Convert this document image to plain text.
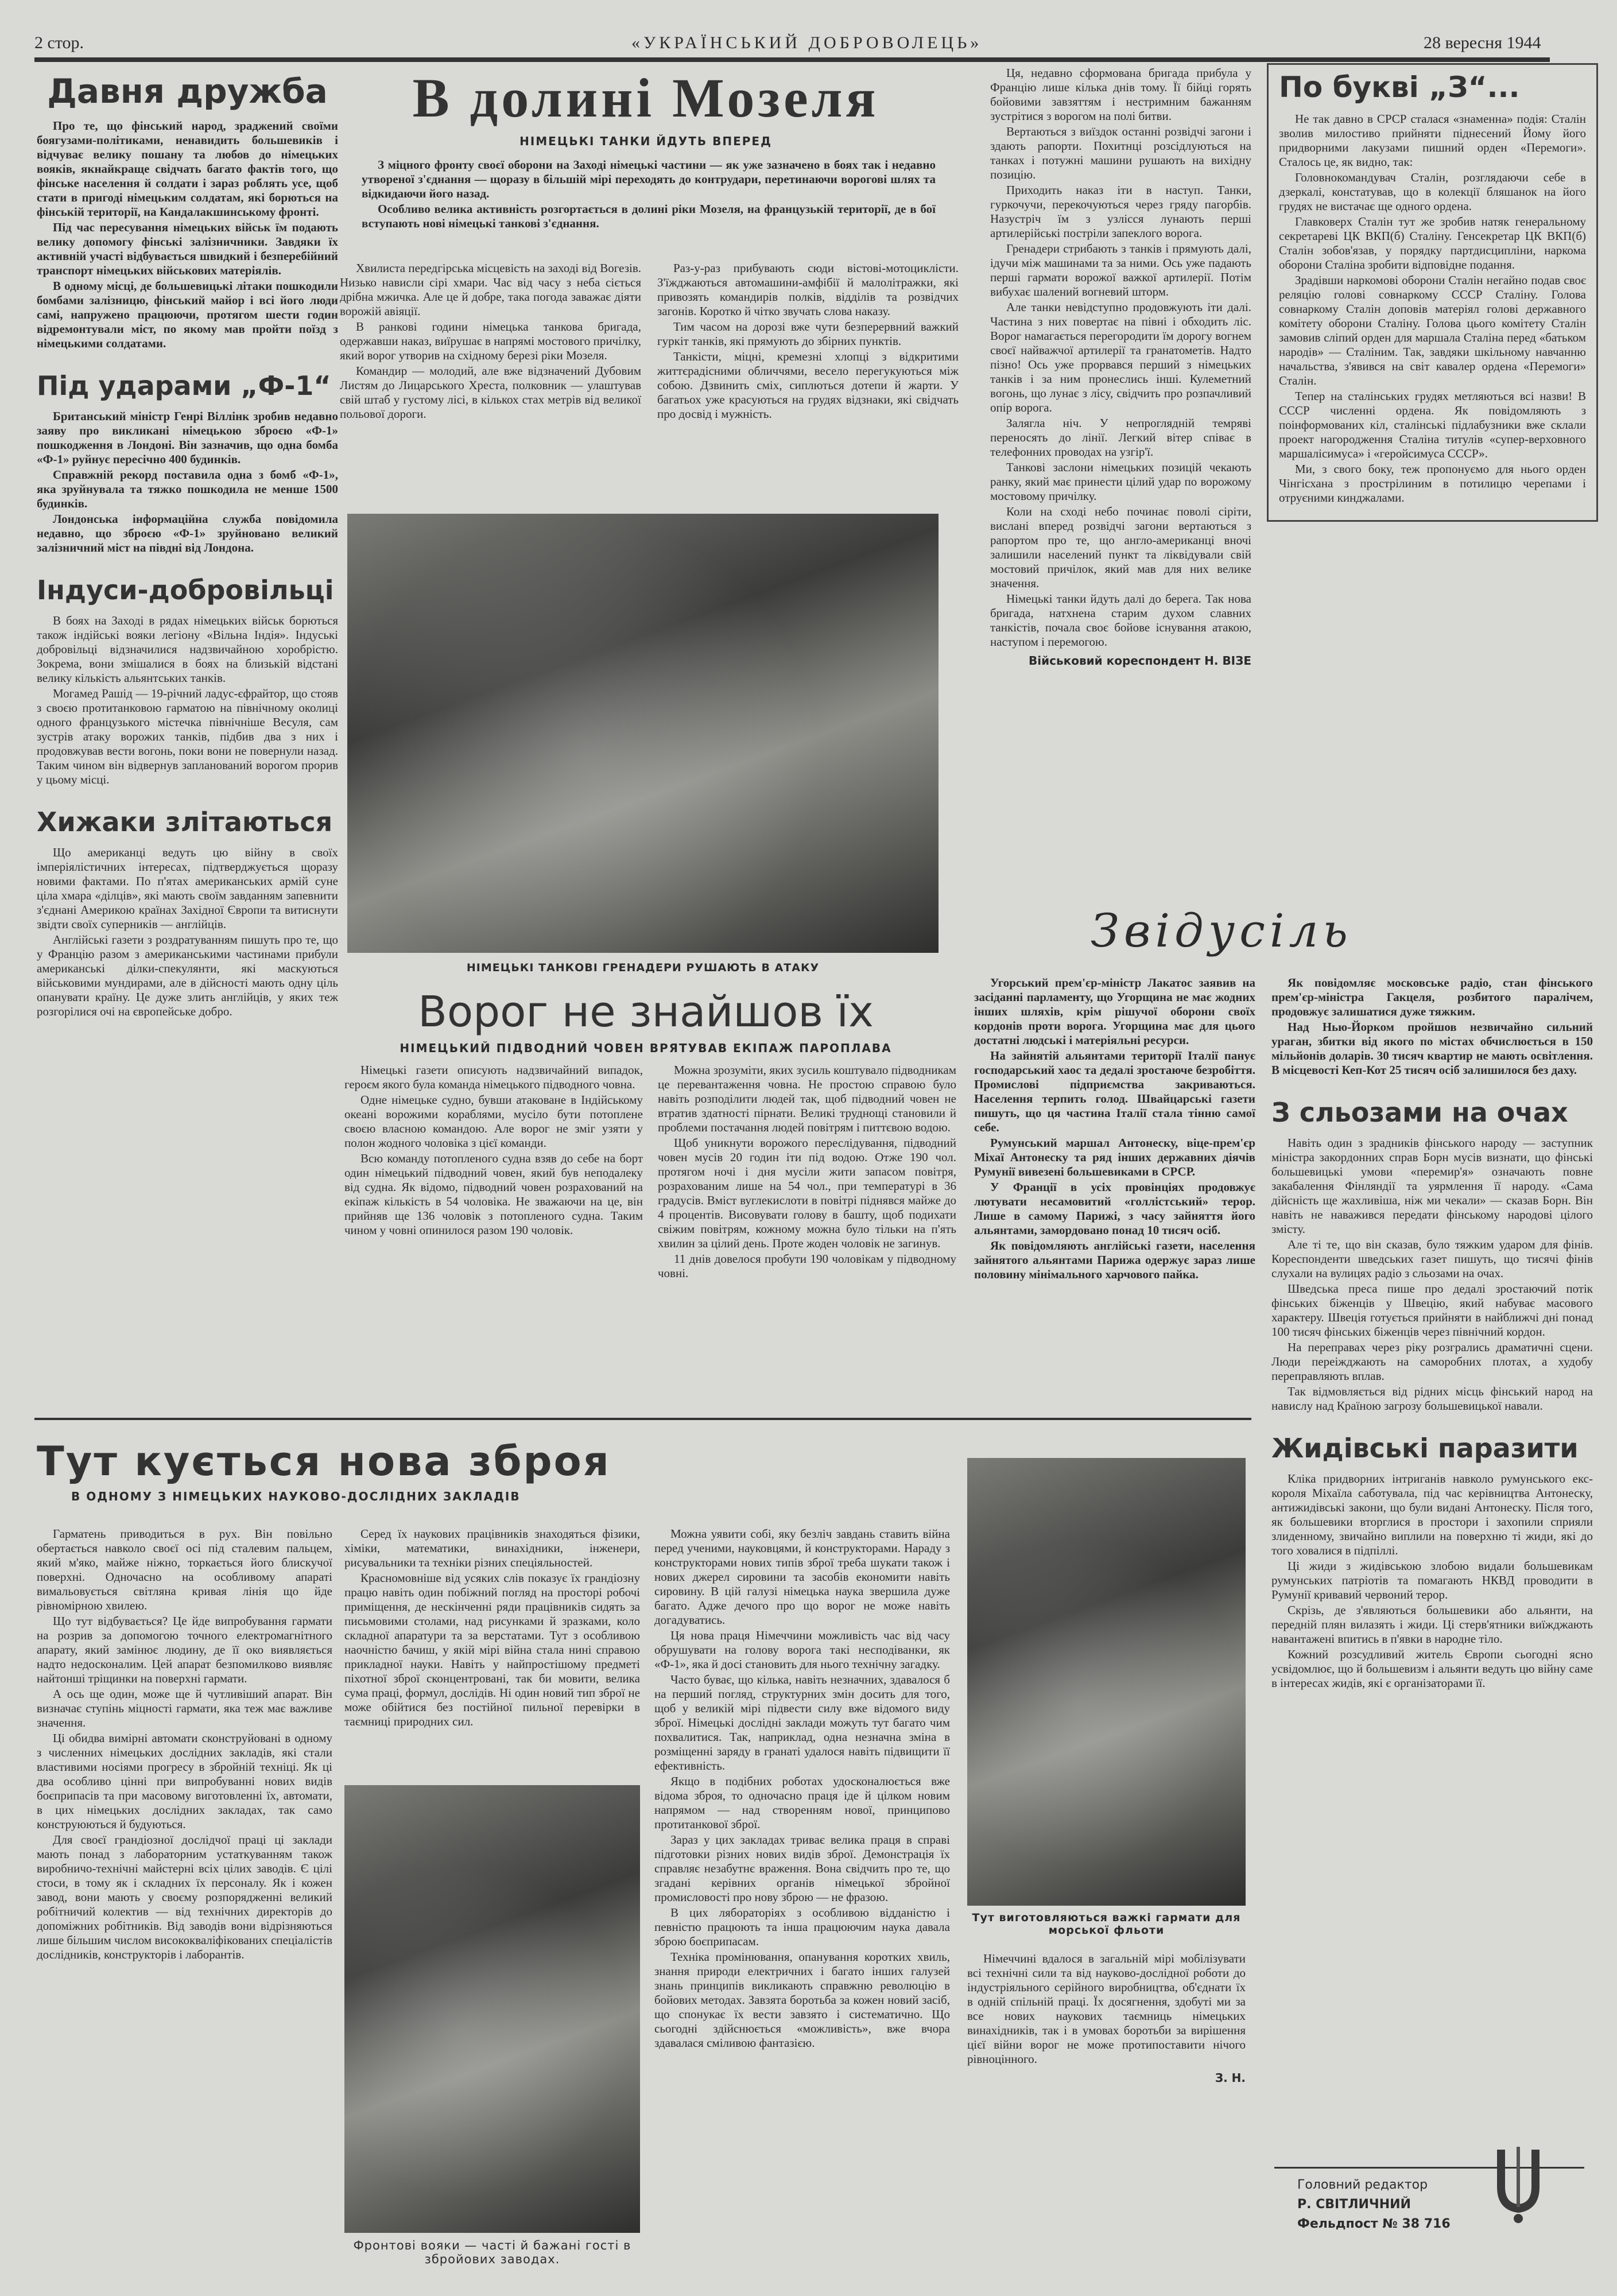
2 стор.	«УКРАЇНСЬКИЙ ДОБРОВОЛЕЦЬ»	28 вересня 1944
Давня дружба

Про те, що фінський народ, зраджений своїми боягузами-політиками, ненавидить большевиків і відчуває велику пошану та любов до німецьких вояків, якнайкраще свідчать багато фактів того, що фінське населення й солдати і зараз роблять усе, щоб стати в пригоді німецьким солдатам, які борються на фінській території, на Кандалакшинському фронті.

Під час пересування німецьких військ їм подають велику допомогу фінські залізничники. Завдяки їх активній участі відбувається швидкий і безперебійний транспорт німецьких військових матеріялів.

В одному місці, де большевицькі літаки пошкодили бомбами залізницю, фінський майор і всі його люди самі, напружено працюючи, протягом шести годин відремонтували міст, по якому мав пройти поїзд з німецькими солдатами.

Під ударами „Ф-1“

Британський міністр Генрі Віллінк зробив недавно заяву про викликані німецькою зброєю «Ф-1» пошкодження в Лондоні. Він зазначив, що одна бомба «Ф-1» руйнує пересічно 400 будинків.

Справжній рекорд поставила одна з бомб «Ф-1», яка зруйнувала та тяжко пошкодила не менше 1500 будинків.

Лондонська інформаційна служба повідомила недавно, що зброєю «Ф-1» зруйновано великий залізничний міст на півдні від Лондона.

Індуси-добровільці

В боях на Заході в рядах німецьких військ борються також індійські вояки легіону «Вільна Індія». Індуські добровільці відзначилися надзвичайною хоробрістю. Зокрема, вони змішалися в боях на близькій відстані велику кількість альянтських танків.

Могамед Рашід — 19-річний ладус-єфрайтор, що стояв з своєю протитанковою гарматою на північному околиці одного французького містечка північніше Весуля, сам зустрів атаку ворожих танків, підбив два з них і продовжував вести вогонь, поки вони не повернули назад. Таким чином він відвернув запланований ворогом прорив у цьому місці.

Хижаки злітаються

Що американці ведуть цю війну в своїх імперіялістичних інтересах, підтверджується щоразу новими фактами. По п'ятах американських армій суне ціла хмара «ділців», які мають своїм завданням запевнити з'єднані Америкою країнах Західної Європи та витиснути звідти своїх суперників — англійців.

Англійські газети з роздратуванням пишуть про те, що у Францію разом з американськими частинами прибули американські ділки-спекулянти, які маскуються військовими мундирами, але в дійсності мають одну ціль опанувати країну. Це дуже злить англійців, у яких теж розгорілися очі на європейське добро.

В долині Мозеля
НІМЕЦЬКІ ТАНКИ ЙДУТЬ ВПЕРЕД

З міцного фронту своєї оборони на Заході німецькі частини — як уже зазначено в боях так і недавно утвореної з'єднання — щоразу в більшій мірі переходять до контрудари, перетинаючи ворогові шлях та відкидаючи його назад.

Особливо велика активність розгортається в долині ріки Мозеля, на французькій території, де в бої вступають нові німецькі танкові з'єднання.

Хвилиста передгірська місцевість на заході від Вогезів. Низько нависли сірі хмари. Час від часу з неба сіється дрібна мжичка. Але це й добре, така погода заважає діяти ворожій авіяції.

В ранкові години німецька танкова бригада, одержавши наказ, виїрушає в напрямі мостового причілку, який ворог утворив на східному березі ріки Мозеля.

Командир — молодий, але вже відзначений Дубовим Листям до Лицарського Хреста, полковник — улаштував свій штаб у густому лісі, в кількох стах метрів від великої польової дороги.

Раз-у-раз прибувають сюди вістові-мотоциклісти. З'їжджаються автомашини-амфібії й малолітражки, які привозять командирів полків, відділів та розвідчих загонів. Коротко й чітко звучать слова наказу.

Тим часом на дорозі вже чути безперервний важкий гуркіт танків, які прямують до збірних пунктів.

Танкісти, міцні, кремезні хлопці з відкритими життєрадісними обличчями, весело перегукуються між собою. Дзвинить сміх, сиплються дотепи й жарти. У багатьох уже красуються на грудях відзнаки, які свідчать про досвід і мужність.

НІМЕЦЬКІ ТАНКОВІ ГРЕНАДЕРИ РУШАЮТЬ В АТАКУ

Ця, недавно сформована бригада прибула у Францію лише кілька днів тому. Її бійці горять бойовими завзяттям і нестримним бажанням зустрітися з ворогом на полі битви.

Вертаються з виїздок останні розвідчі загони і здають рапорти. Похитнці розсідлуються на танках і потужні машини рушають на вихідну позицію.

Приходить наказ іти в наступ. Танки, гуркочучи, перекочуються через гряду пагорбів. Назустріч їм з узлісся лунають перші артилерійські постріли запеклого ворога.

Гренадери стрибають з танків і прямують далі, ідучи між машинами та за ними. Ось уже падають перші гармати ворожої важкої артилерії. Потім вибухає шалений вогневий шторм.

Але танки невідступно продовжують іти далі. Частина з них повертає на півні і обходить ліс. Ворог намагається перегородити їм дорогу вогнем своєї найважчої артилерії та гранатометів. Надто пізно! Ось уже прорвався перший з німецьких танків і за ним пронеслись інші. Кулеметний вогонь, що лунає з лісу, свідчить про розпачливий опір ворога.

Залягла ніч. У непроглядній темряві переносять до лінії. Легкий вітер співає в телефонних проводах на узгір'ї.

Танкові заслони німецьких позицій чекають ранку, який має принести цілий удар по ворожому мостовому причілку.

Коли на сході небо починає поволі сіріти, вислані вперед розвідчі загони вертаються з рапортом про те, що англо-американці вночі залишили населений пункт та ліквідували свій мостовий причілок, який мав для них велике значення.

Німецькі танки йдуть далі до берега. Так нова бригада, натхнена старим духом славних танкістів, почала своє бойове існування атакою, наступом і перемогою.

Військовий кореспондент Н. ВІЗЕ
По букві „З“...

Не так давно в СРСР сталася «знаменна» подія: Сталін зволив милостиво прийняти піднесений Йому його придворними лакузами пишний орден «Перемоги». Сталось це, як видно, так:

Головнокомандувач Сталін, розглядаючи себе в дзеркалі, констатував, що в колекції бляшанок на його грудях не вистачає ще одного ордена.

Главковерх Сталін тут же зробив натяк генеральному секретареві ЦК ВКП(б) Сталіну. Генсекретар ЦК ВКП(б) Сталін зобов'язав, у порядку партдисципліни, наркома оборони Сталіна зробити відповідне подання.

Зрадівши наркомові оборони Сталін негайно подав своє реляцію голові совнаркому СССР Сталіну. Голова совнаркому Сталін доповів матеріял голові державного комітету оборони Сталіну. Голова цього комітету Сталін замовив сліпий орден для маршала Сталіна перед «батьком народів» — Сталіним. Так, завдяки шкільному навчанню начальства, з'явився на світ кавалер ордена «Перемоги» Сталін.

Тепер на сталінських грудях метляються всі назви! В СССР численні ордена. Як повідомляють з поінформованих кіл, сталінські підлабузники вже склали проект нагородження Сталіна титулів «супер-верховного маршалісимуса» і «геройсимуса СССР».

Ми, з свого боку, теж пропонуємо для нього орден Чінгісхана з прострілиним в потилицю черепами і отруєними кинджалами.

Ворог не знайшов їх
НІМЕЦЬКИЙ ПІДВОДНИЙ ЧОВЕН ВРЯТУВАВ ЕКІПАЖ ПАРОПЛАВА

Німецькі газети описують надзвичайний випадок, героєм якого була команда німецького підводного човна.

Одне німецьке судно, бувши атаковане в Індійському океані ворожими кораблями, мусіло бути потоплене своєю власною командою. Але ворог не зміг узяти у полон жодного чоловіка з цієї команди.

Всю команду потопленого судна взяв до себе на борт один німецький підводний човен, який був неподалеку від судна. Як відомо, підводний човен розрахований на екіпаж кількість в 54 чоловіка. Не зважаючи на це, він прийняв ще 136 чоловік з потопленого судна. Таким чином у човні опинилося разом 190 чоловік.

Можна зрозуміти, яких зусиль коштувало підводникам це перевантаження човна. Не простою справою було навіть розподілити людей так, щоб підводний човен не втратив здатності пірнати. Великі труднощі становили й проблеми постачання людей повітрям і питтєвою водою.

Щоб уникнути ворожого переслідування, підводний човен мусів 20 годин іти під водою. Отже 190 чол. протягом ночі і дня мусіли жити запасом повітря, розрахованим лише на 54 чол., при температурі в 36 градусів. Вміст вуглекислоти в повітрі піднявся майже до 4 процентів. Висовувати голову в башту, щоб подихати свіжим повітрям, кожному можна було тільки на п'ять хвилин за цілий день. Проте жоден чоловік не загинув.

11 днів довелося пробути 190 чоловікам у підводному човні.

Звідусіль

Угорський прем'єр-міністр Лакатос заявив на засіданні парламенту, що Угорщина не має жодних інших шляхів, крім рішучої оборони своїх кордонів проти ворога. Угорщина має для цього достатні людські і матеріяльні ресурси.

На зайнятій альянтами території Італії панує господарський хаос та дедалі зростаюче безробіття. Промислові підприємства закриваються. Населення терпить голод. Швайцарські газети пишуть, що ця частина Італії стала тінню самої себе.

Румунський маршал Антонеску, віце-прем'єр Міхаї Антонеску та ряд інших державних діячів Румунії вивезені большевиками в СРСР.

У Франції в усіх провінціях продовжує лютувати несамовитий «голлістський» терор. Лише в самому Парижі, з часу зайняття його альянтами, замордовано понад 10 тисяч осіб.

Як повідомляють англійські газети, населення зайнятого альянтами Парижа одержує зараз лише половину мінімального харчового пайка.

Як повідомляє московське радіо, стан фінського прем'єр-міністра Гакцеля, розбитого паралічем, продовжує залишатися дуже тяжким.

Над Нью-Йорком пройшов незвичайно сильний ураган, збитки від якого по містах обчислюється в 150 мільйонів доларів. 30 тисяч квартир не мають освітлення. В місцевості Кеп-Кот 25 тисяч осіб залишилося без даху.

З сльозами на очах

Навіть один з зрадників фінського народу — заступник міністра закордонних справ Борн мусів визнати, що фінські большевицькі умови «перемир'я» означають повне закабалення Фінляндії та уярмлення її народу. «Сама дійсність ще жахливіша, ніж ми чекали» — сказав Борн. Він навіть не наважився передати фінському народові цілого змісту.

Але ті те, що він сказав, було тяжким ударом для фінів. Кореспонденти шведських газет пишуть, що тисячі фінів слухали на вулицях радіо з сльозами на очах.

Шведська преса пише про дедалі зростаючий потік фінських біженців у Швецію, який набуває масового характеру. Швеція готується прийняти в найближчі дні понад 100 тисяч фінських біженців через північний кордон.

На переправах через ріку розгрались драматичні сцени. Люди переіжджають на саморобних плотах, а худобу переправляють вплав.

Так відмовляється від рідних місць фінський народ на навислу над Країною загрозу большевицької навали.

Жидівські паразити

Кліка придворних інтриганів навколо румунського екс-короля Міхаїла саботувала, під час керівництва Антонеску, антижидівські закони, що були видані Антонеску. Після того, як большевики вторглися в простори і захопили сприяли злиденному, звичайно виплили на поверхню ті жиди, які до того ховалися в підпіллі.

Ці жиди з жидівською злобою видали большевикам румунських патріотів та помагають НКВД проводити в Румунії кривавий червоний терор.

Скрізь, де з'являються большевики або альянти, на передній плян вилазять і жиди. Ці стерв'ятники виїжджають навантажені впитись в п'явки в народне тіло.

Кожний розсудливий житель Європи сьогодні ясно усвідомлює, що й большевизм і альянти ведуть цю війну саме в інтересах жидів, які є організаторами її.

Тут кується нова зброя
В ОДНОМУ З НІМЕЦЬКИХ НАУКОВО-ДОСЛІДНИХ ЗАКЛАДІВ

Гарматень приводиться в рух. Він повільно обертається навколо своєї осі під сталевим пальцем, який м'яко, майже ніжно, торкається його блискучої поверхні. Одночасно на особливому апараті вимальовується світляна кривая лінія що йде рівномірною хвилею.

Що тут відбувається? Це йде випробування гармати на розрив за допомогою точного електромагнітного апарату, який замінює людину, де її око виявляється надто недосконалим. Цей апарат безпомилково виявляє найтонші тріщинки на поверхні гармати.

А ось ще один, може ще й чутливіший апарат. Він визначає ступінь міцності гармати, яка теж має важливе значення.

Ці обидва вимірні автомати сконструйовані в одному з численних німецьких дослідних закладів, які стали властивими носіями прогресу в збройній техніці. Як ці два особливо цінні при випробуванні нових видів боєприпасів та при масовому виготовленні їх, автомати, в цих німецьких дослідних закладах, так само конструюються й будуються.

Для своєї грандіозної дослідчої праці ці заклади мають понад з лабораторним устаткуванням також виробничо-технічні майстерні всіх цілих заводів. Є цілі стоси, в тому як і складних їх персоналу. Як і кожен завод, вони мають у своєму розпорядженні великий робітничий колектив — від технічних директорів до допоміжних робітників. Від заводів вони відрізняються лише більшим числом висококваліфікованих спеціалістів дослідників, конструкторів і лаборантів.

Серед їх наукових працівників знаходяться фізики, хіміки, математики, винахідники, інженери, рисувальники та техніки різних спеціяльностей.

Красномовніше від усяких слів показує їх грандіозну працю навіть один побіжний погляд на просторі робочі приміщення, де нескінченні ряди працівників сидять за письмовими столами, над рисунками й зразками, коло складної апаратури та за верстатами. Тут з особливою наочністю бачиш, у якій мірі війна стала нині справою прикладної науки. Навіть у найпростішому предметі піхотної зброї сконцентровані, так би мовити, велика сума праці, формул, дослідів. Ні один новий тип зброї не може обійтися без постійної пильної перевірки в таємниці природних сил.

Фронтові вояки — часті й бажані гості в збройових заводах.

Можна уявити собі, яку безліч завдань ставить війна перед ученими, науковцями, й конструкторами. Нараду з конструкторами нових типів зброї треба шукати також і нових джерел сировини та засобів економити навіть сировину. В цій галузі німецька наука звершила дуже багато. Адже дечого про що ворог не може навіть догадуватись.

Ця нова праця Німеччини можливість час від часу обрушувати на голову ворога такі несподіванки, як «Ф-1», яка й досі становить для нього технічну загадку.

Часто буває, що кілька, навіть незначних, здавалося б на перший погляд, структурних змін досить для того, щоб у великій мірі підвести силу вже відомого виду зброї. Німецькі дослідні заклади можуть тут багато чим похвалитися. Так, наприклад, одна незначна зміна в розміщенні заряду в гранаті удалося навіть підвищити її ефективність.

Якщо в подібних роботах удосконалюється вже відома зброя, то одночасно праця іде й цілком новим напрямом — над створенням нової, принципово протитанкової зброї.

Зараз у цих закладах триває велика праця в справі підготовки різних нових видів зброї. Демонстрація їх справляє незабутнє враження. Вона свідчить про те, що згадані керівних органів німецької збройної промисловості про нову зброю — не фразою.

В цих лябораторіях з особливою відданістю і певністю працюють та інша працюючим наука давала зброю боєприпасам.

Техніка промінювання, опанування коротких хвиль, знання природи електричних і багато інших галузей знань принципів викликають справжню революцію в бойових методах. Завзята боротьба за кожен новий засіб, що спонукає їх вести завзято і систематично. Що сьогодні здійснюється «можливість», вже вчора здавалася сміливою фантазією.

Тут виготовляються важкі гармати для морської фльоти

Німеччині вдалося в загальній мірі мобілізувати всі технічні сили та від науково-дослідної роботи до індустріяльного серійного виробництва, об'єднати їх в одній спільній праці. Їх досягнення, здобуті ми за все нових наукових таємниць німецьких винахідників, так і в умовах боротьби за вирішення цієї війни ворог не може протипоставити нічого рівноцінного.

З. Н.
Головний редактор
Р. СВІТЛИЧНИЙ
Фельдпост № 38 716
